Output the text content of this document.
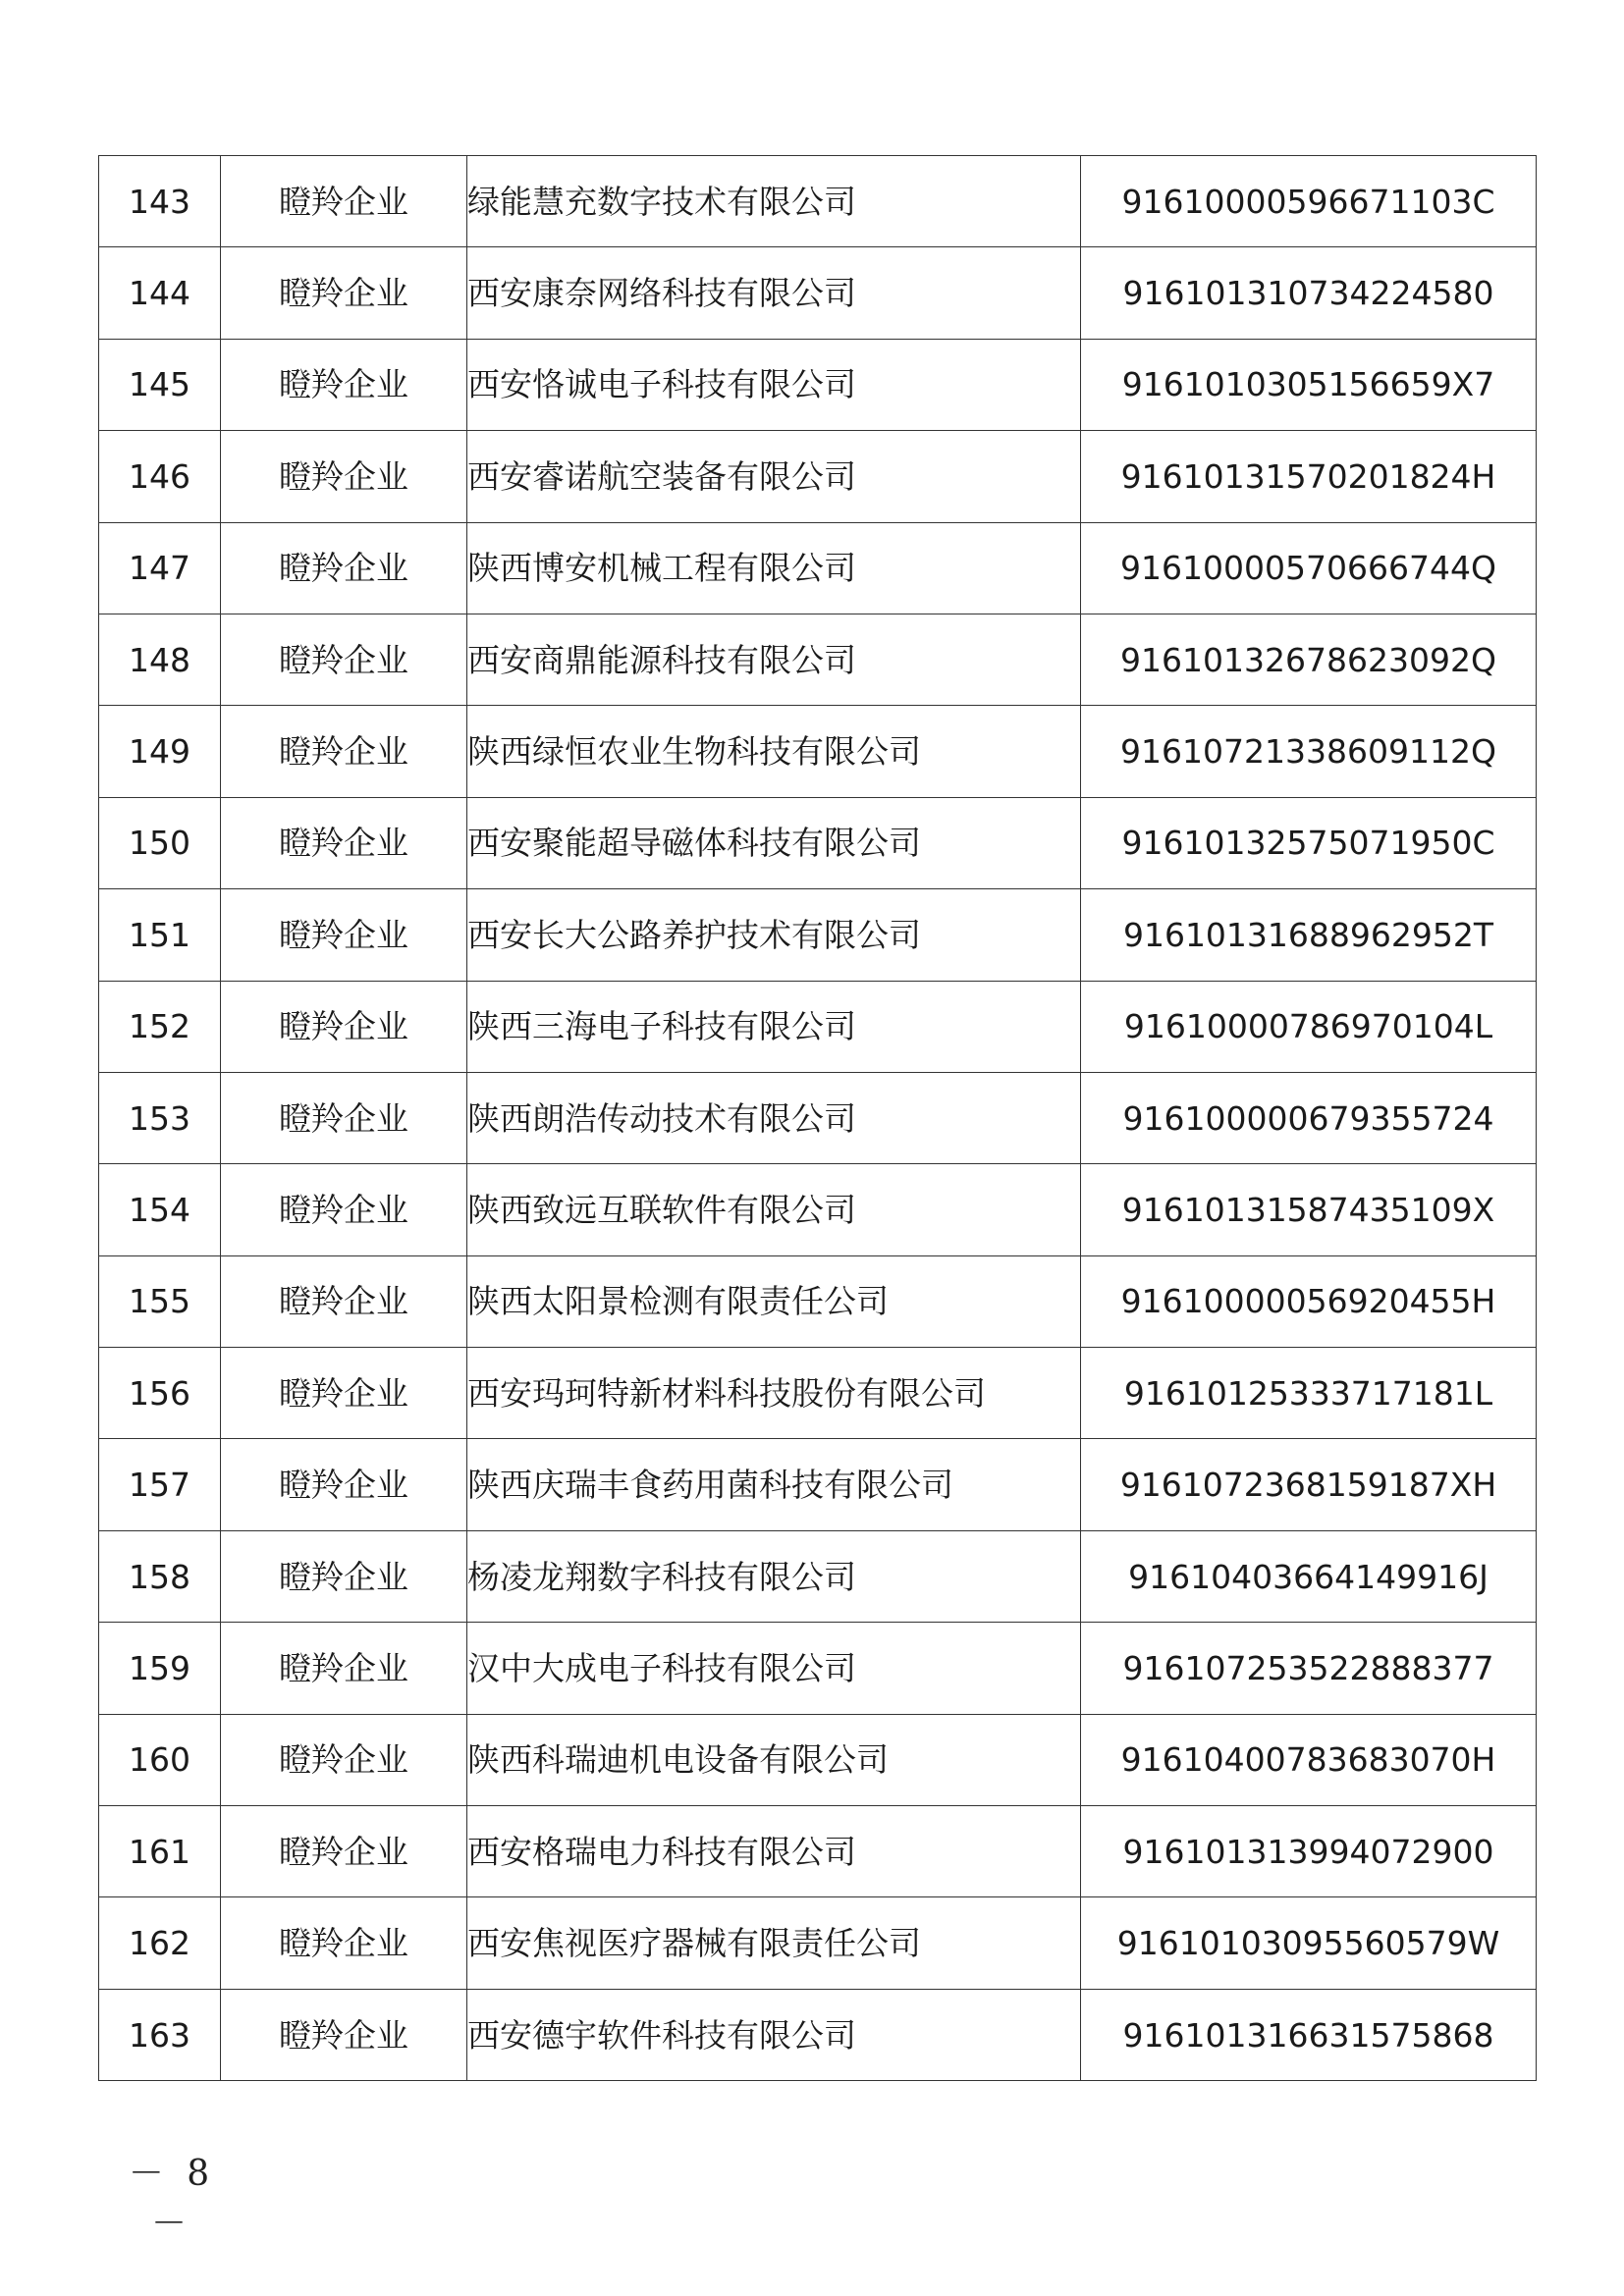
143	瞪羚企业	绿能慧充数字技术有限公司	91610000596671103C
144	瞪羚企业	西安康奈网络科技有限公司	916101310734224580
145	瞪羚企业	西安恪诚电子科技有限公司	9161010305156659X7
146	瞪羚企业	西安睿诺航空装备有限公司	91610131570201824H
147	瞪羚企业	陕西博安机械工程有限公司	91610000570666744Q
148	瞪羚企业	西安商鼎能源科技有限公司	91610132678623092Q
149	瞪羚企业	陕西绿恒农业生物科技有限公司	91610721338609112Q
150	瞪羚企业	西安聚能超导磁体科技有限公司	91610132575071950C
151	瞪羚企业	西安长大公路养护技术有限公司	91610131688962952T
152	瞪羚企业	陕西三海电子科技有限公司	91610000786970104L
153	瞪羚企业	陕西朗浩传动技术有限公司	916100000679355724
154	瞪羚企业	陕西致远互联软件有限公司	91610131587435109X
155	瞪羚企业	陕西太阳景检测有限责任公司	91610000056920455H
156	瞪羚企业	西安玛珂特新材料科技股份有限公司	91610125333717181L
157	瞪羚企业	陕西庆瑞丰食药用菌科技有限公司	9161072368159187XH
158	瞪羚企业	杨凌龙翔数字科技有限公司	91610403664149916J
159	瞪羚企业	汉中大成电子科技有限公司	916107253522888377
160	瞪羚企业	陕西科瑞迪机电设备有限公司	91610400783683070H
161	瞪羚企业	西安格瑞电力科技有限公司	916101313994072900
162	瞪羚企业	西安焦视医疗器械有限责任公司	91610103095560579W
163	瞪羚企业	西安德宇软件科技有限公司	916101316631575868
－ 8 －
